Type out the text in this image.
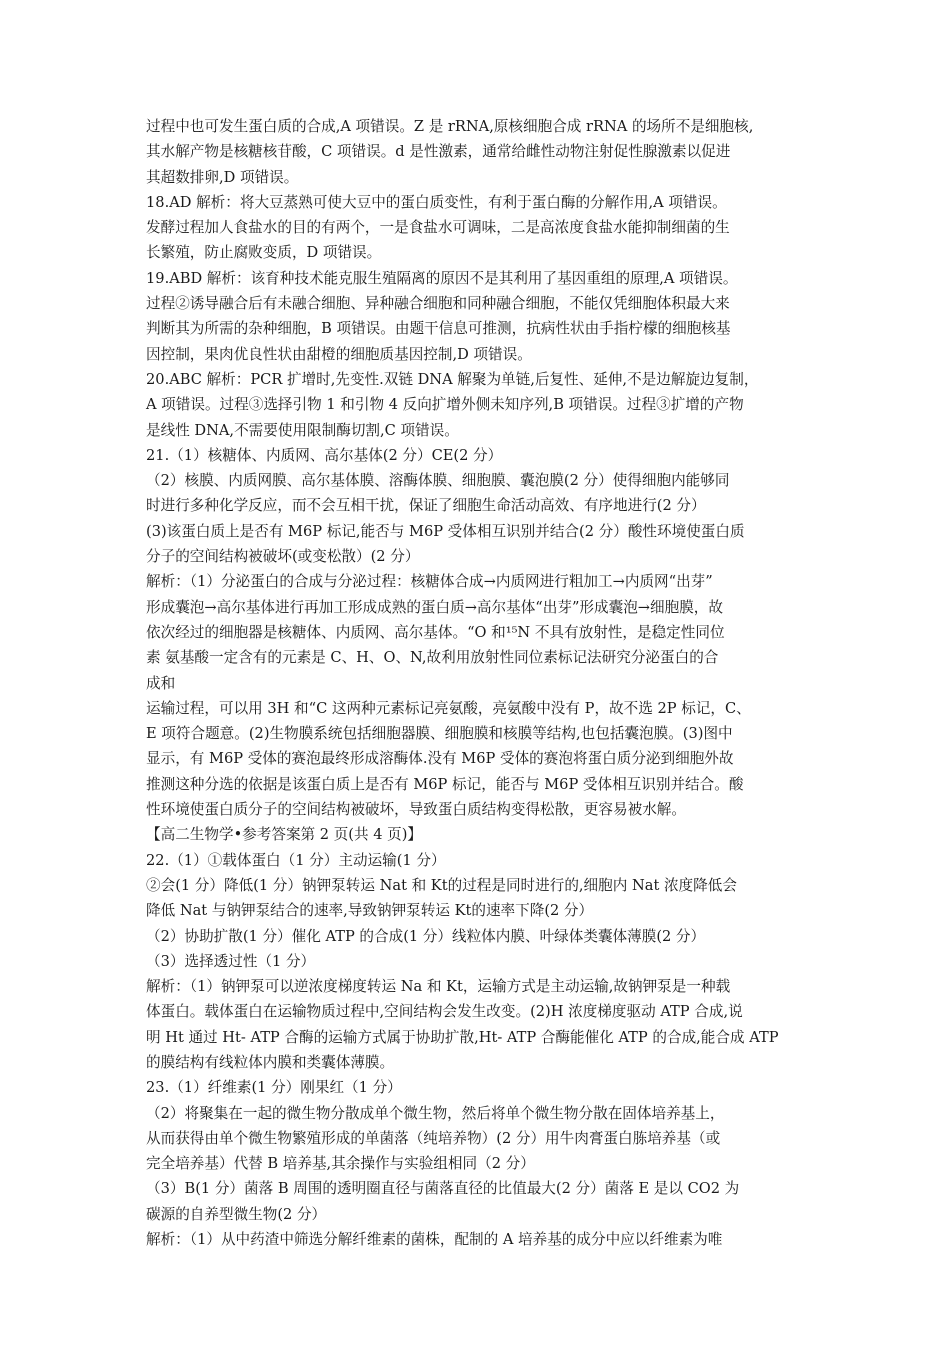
过程中也可发生蛋白质的合成,A 项错误。Z 是 rRNA,原核细胞合成 rRNA 的场所不是细胞核,
其水解产物是核糖核苷酸，C 项错误。d 是性激素，通常给雌性动物注射促性腺激素以促进
其超数排卵,D 项错误。
18.AD 解析：将大豆蒸熟可使大豆中的蛋白质变性，有利于蛋白酶的分解作用,A 项错误。
发酵过程加人食盐水的目的有两个，一是食盐水可调味，二是高浓度食盐水能抑制细菌的生
长繁殖，防止腐败变质，D 项错误。
19.ABD 解析：该育种技术能克服生殖隔离的原因不是其利用了基因重组的原理,A 项错误。
过程②诱导融合后有未融合细胞、异种融合细胞和同种融合细胞，不能仅凭细胞体积最大来
判断其为所需的杂种细胞，B 项错误。由题干信息可推测，抗病性状由手指柠檬的细胞核基
因控制，果肉优良性状由甜橙的细胞质基因控制,D 项错误。
20.ABC 解析：PCR 扩增时,先变性.双链 DNA 解聚为单链,后复性、延伸,不是边解旋边复制，
A 项错误。过程③选择引物 1 和引物 4 反向扩增外侧未知序列,B 项错误。过程③扩增的产物
是线性 DNA,不需要使用限制酶切割,C 项错误。
21.（1）核糖体、内质网、高尔基体(2 分）CE(2 分）
（2）核膜、内质网膜、高尔基体膜、溶酶体膜、细胞膜、囊泡膜(2 分）使得细胞内能够同
时进行多种化学反应，而不会互相干扰，保证了细胞生命活动高效、有序地进行(2 分）
(3)该蛋白质上是否有 M6P 标记,能否与 M6P 受体相互识别并结合(2 分）酸性环境使蛋白质
分子的空间结构被破坏(或变松散）(2 分）
解析：（1）分泌蛋白的合成与分泌过程：核糖体合成→内质网进行粗加工→内质网“出芽”
形成囊泡→高尔基体进行再加工形成成熟的蛋白质→高尔基体“出芽”形成囊泡→细胞膜，故
依次经过的细胞器是核糖体、内质网、高尔基体。“O 和¹⁵N 不具有放射性，是稳定性同位
素 氨基酸一定含有的元素是 C、H、O、N,故利用放射性同位素标记法研究分泌蛋白的合
成和
运输过程，可以用 3H 和“C 这两种元素标记亮氨酸，亮氨酸中没有 P，故不选 2P 标记，C、
E 项符合题意。(2)生物膜系统包括细胞器膜、细胞膜和核膜等结构,也包括囊泡膜。(3)图中
显示，有 M6P 受体的赛泡最终形成溶酶体.没有 M6P 受体的赛泡将蛋白质分泌到细胞外故
推测这种分选的依据是该蛋白质上是否有 M6P 标记，能否与 M6P 受体相互识别并结合。酸
性环境使蛋白质分子的空间结构被破坏，导致蛋白质结构变得松散，更容易被水解。
【高二生物学•参考答案第 2 页(共 4 页)】
22.（1）①载体蛋白（1 分）主动运输(1 分）
②会(1 分）降低(1 分）钠钾泵转运 Nat 和 Kt的过程是同时进行的,细胞内 Nat 浓度降低会
降低 Nat 与钠钾泵结合的速率,导致钠钾泵转运 Kt的速率下降(2 分）
（2）协助扩散(1 分）催化 ATP 的合成(1 分）线粒体内膜、叶绿体类囊体薄膜(2 分）
（3）选择透过性（1 分）
解析：（1）钠钾泵可以逆浓度梯度转运 Na 和 Kt，运输方式是主动运输,故钠钾泵是一种载
体蛋白。载体蛋白在运输物质过程中,空间结构会发生改变。(2)H 浓度梯度驱动 ATP 合成,说
明 Ht 通过 Ht- ATP 合酶的运输方式属于协助扩散,Ht- ATP 合酶能催化 ATP 的合成,能合成 ATP
的膜结构有线粒体内膜和类囊体薄膜。
23.（1）纤维素(1 分）刚果红（1 分）
（2）将聚集在一起的微生物分散成单个微生物，然后将单个微生物分散在固体培养基上，
从而获得由单个微生物繁殖形成的单菌落（纯培养物）(2 分）用牛肉膏蛋白胨培养基（或
完全培养基）代替 B 培养基,其余操作与实验组相同（2 分）
（3）B(1 分）菌落 B 周围的透明圈直径与菌落直径的比值最大(2 分）菌落 E 是以 CO2 为
碳源的自养型微生物(2 分）
解析：（1）从中药渣中筛选分解纤维素的菌株，配制的 A 培养基的成分中应以纤维素为唯
